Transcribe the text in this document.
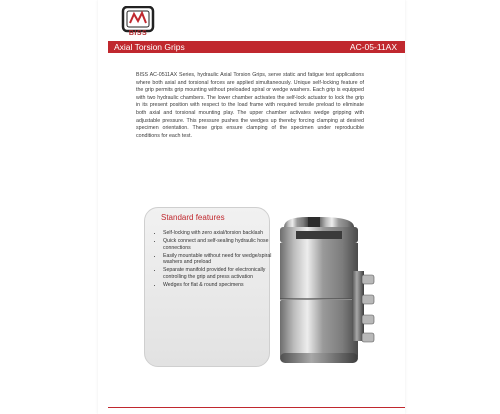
BISS
Axial Torsion Grips	AC-05-11AX

BISS AC-0511AX Series, hydraulic Axial Torsion Grips, serve static and fatigue test applications where both axial and torsional forces are applied simultaneously. Unique self-locking feature of the grip permits grip mounting without preloaded spiral or wedge washers. Each grip is equipped with two hydraulic chambers. The lower chamber activates the self-lock actuator to lock the grip in its present position with respect to the load frame with required tensile preload to eliminate both axial and torsional mounting play. The upper chamber activates wedge gripping with adjustable pressure. This pressure pushes the wedges up thereby forcing clamping at desired specimen orientation. These grips ensure clamping of the specimen under reproducible conditions for each test.

Standard features
• Self-locking with zero axial/torsion backlash
• Quick connect and self-sealing hydraulic hose connections
• Easily mountable without need for wedge/spiral washers and preload
• Separate manifold provided for electronically controlling the grip and press activation
• Wedges for flat & round specimens
